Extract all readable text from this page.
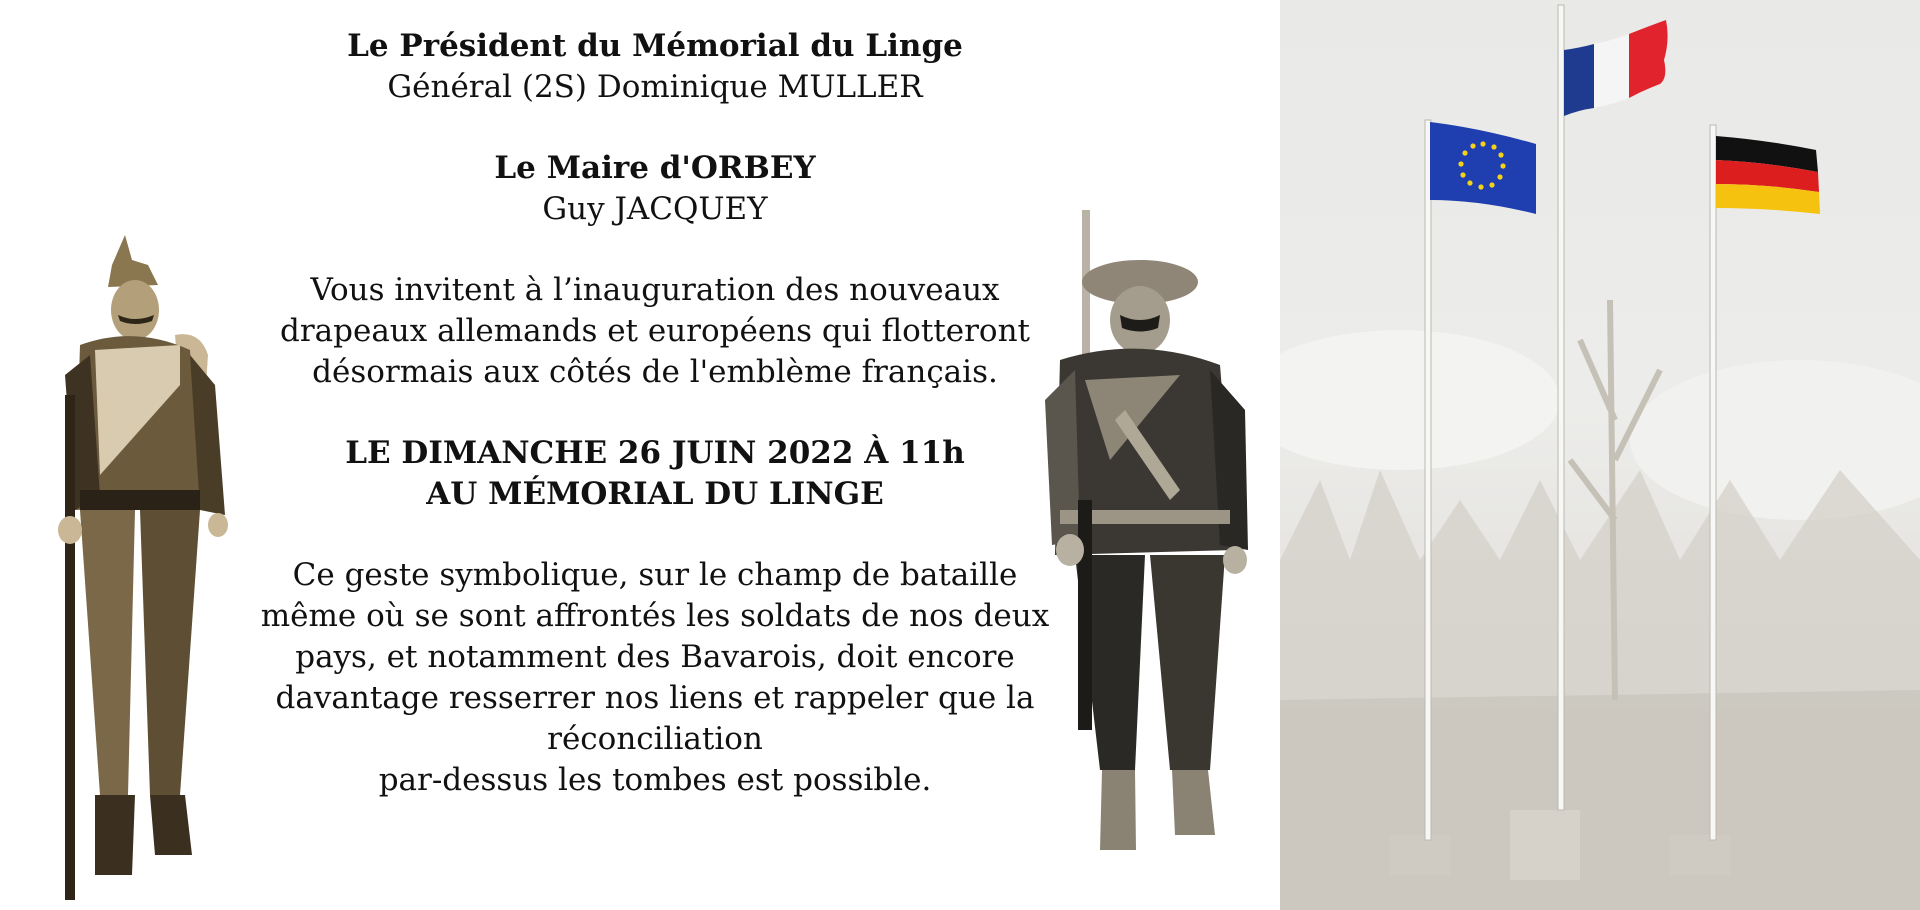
Le Président du Mémorial du Linge

Général (2S) Dominique MULLER

Le Maire d'ORBEY

Guy JACQUEY

Vous invitent à l’inauguration des nouveaux

drapeaux allemands et européens qui flotteront

désormais aux côtés de l'emblème français.

LE DIMANCHE 26 JUIN 2022 À 11h

AU MÉMORIAL DU LINGE

Ce geste symbolique, sur le champ de bataille

même où se sont affrontés les soldats de nos deux

pays, et notamment des Bavarois, doit encore

davantage resserrer nos liens et rappeler que la

réconciliation

par-dessus les tombes est possible.
